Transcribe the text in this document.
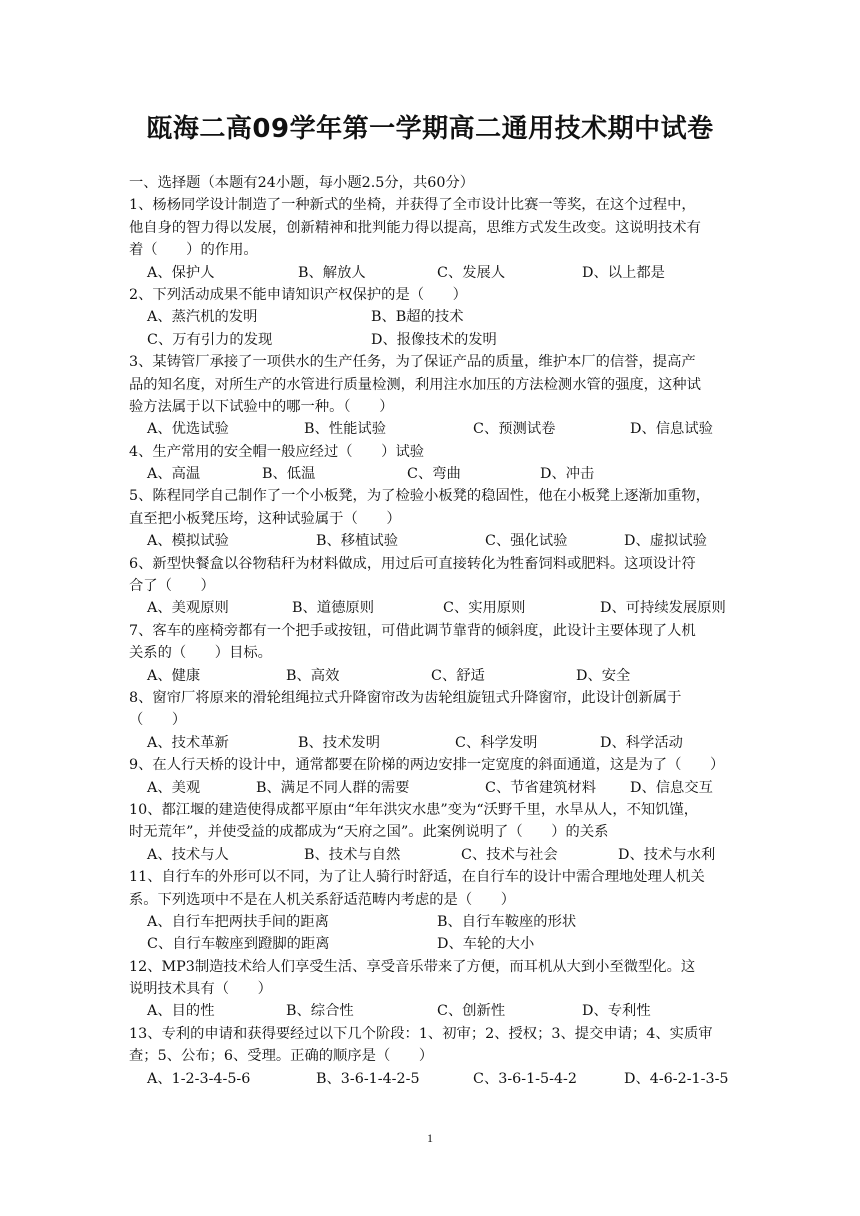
瓯海二高09学年第一学期高二通用技术期中试卷
一、选择题（本题有24小题，每小题2.5分，共60分）
1、杨杨同学设计制造了一种新式的坐椅，并获得了全市设计比赛一等奖，在这个过程中，
他自身的智力得以发展，创新精神和批判能力得以提高，思维方式发生改变。这说明技术有
着（　　）的作用。
A、保护人	B、解放人	C、发展人	D、以上都是
2、下列活动成果不能申请知识产权保护的是（　　）
A、蒸汽机的发明	B、B超的技术
C、万有引力的发现	D、报像技术的发明
3、某铸管厂承接了一项供水的生产任务，为了保证产品的质量，维护本厂的信誉，提高产
品的知名度，对所生产的水管进行质量检测，利用注水加压的方法检测水管的强度，这种试
验方法属于以下试验中的哪一种。（　　）
A、优选试验	B、性能试验	C、预测试卷	D、信息试验
4、生产常用的安全帽一般应经过（　　）试验
A、高温	B、低温	C、弯曲	D、冲击
5、陈程同学自己制作了一个小板凳，为了检验小板凳的稳固性，他在小板凳上逐渐加重物，
直至把小板凳压垮，这种试验属于（　　）
A、模拟试验	B、移植试验	C、强化试验	D、虚拟试验
6、新型快餐盒以谷物秸秆为材料做成，用过后可直接转化为牲畜饲料或肥料。这项设计符
合了（　　）
A、美观原则	B、道德原则	C、实用原则	D、可持续发展原则
7、客车的座椅旁都有一个把手或按钮，可借此调节靠背的倾斜度，此设计主要体现了人机
关系的（　　）目标。
A、健康	B、高效	C、舒适	D、安全
8、窗帘厂将原来的滑轮组绳拉式升降窗帘改为齿轮组旋钮式升降窗帘，此设计创新属于
（　　）
A、技术革新	B、技术发明	C、科学发明	D、科学活动
9、在人行天桥的设计中，通常都要在阶梯的两边安排一定宽度的斜面通道，这是为了（　　）
A、美观	B、满足不同人群的需要	C、节省建筑材料 D、信息交互
10、都江堰的建造使得成都平原由“年年洪灾水患”变为“沃野千里，水旱从人，不知饥馑，
时无荒年”，并使受益的成都成为“天府之国”。此案例说明了（　　）的关系
A、技术与人	B、技术与自然	C、技术与社会	D、技术与水利
11、自行车的外形可以不同，为了让人骑行时舒适，在自行车的设计中需合理地处理人机关
系。下列选项中不是在人机关系舒适范畴内考虑的是（　　）
A、自行车把两扶手间的距离	B、自行车鞍座的形状
C、自行车鞍座到蹬脚的距离	D、车轮的大小
12、MP3制造技术给人们享受生活、享受音乐带来了方便，而耳机从大到小至微型化。这
说明技术具有（　　）
A、目的性	B、综合性	C、创新性	D、专利性
13、专利的申请和获得要经过以下几个阶段：1、初审；2、授权；3、提交申请；4、实质审
查；5、公布；6、受理。正确的顺序是（　　）
A、1-2-3-4-5-6	B、3-6-1-4-2-5	C、3-6-1-5-4-2	D、4-6-2-1-3-5
1
